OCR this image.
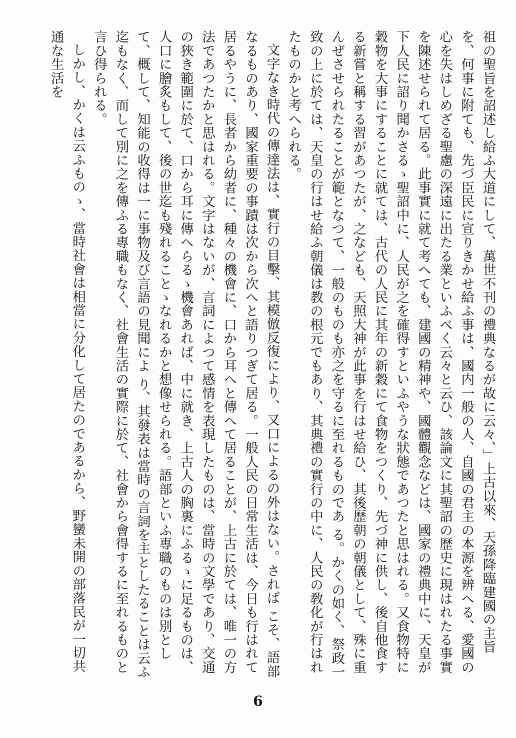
祖の聖旨を詔述し給ふ大道にして、萬世不刊の禮典なるが故に云々、」上古以來、天孫降臨建國の主旨を、何事に附ても、先づ臣民に宣りきかせ給ふ事は、國内一般の人、自國の君主の本源を辨へる、愛國の心を失はしめざる聖慮の深遠に出たる業といふべく云々と云ひ、該論文に其聖詔の歴史に現はれたる事實を陳述せられて居る。此事實に就て考へても、建國の精神や、國體觀念などは、國家の禮典中に、天皇が下人民に詔り聞かさるゝ聖詔中に、人民が之を確得すといふやうな狀態であつたと思はれる。又食物特に穀物を大事にすることに就ては、古代の人民に其年の新穀にて食物をつくり、先づ神に供し、後自他食する新嘗と稱する習があつたが、之なども、天照大神が此事を行はせ給ひ、其後歷朝の朝儀として、殊に重んぜさせられたることが範となつて、一般のものも亦之を守るに至れるものであ る。かくの如く、祭政一致の上に於ては、天皇の行はせ給ふ朝儀は教の根元でもあり、其典禮の實行の中に、人民の敎化が行はれたものかと考へられる。

文字なき時代の傳達法は、實行の目擊、其模倣反復により、又口によるの外はない。されば こそ、語部なるものあり、國家重要の事蹟は次から次へと語りつぎて居る。一般人民の日常生活は、今日も行はれて居るやうに、長者から幼者に、種々の機會に、口から耳へと傳へて居ることが、上古に於ては、唯一の方法であつたかと思はれる。文字はないが、言詞によつて感情を表現したものは、當時の文學であり、交通の狹き範圍に於て、口から耳に傳へらるゝ機會あれば、中に就き、上古人の胸裏にふるゝに足るものは、人口に膾炙もして、後の世迄も殘れることゝなれるかと想像せられる。語部といふ專職のものは別として、概して、知能の收得は一に事物及び言語の見聞によ り、其發表は當時の言詞を主としたることは云ふ迄もなく、而して別に之を傳ふる專職もなく、社會生活の實際に於て、社會から會得するに至れるものと言ひ得られる。

しかし、かくは云ふものゝ、當時社會は相當に分化して居たのであるから、野蠻未開の部落民が一切共通な生活を

6
